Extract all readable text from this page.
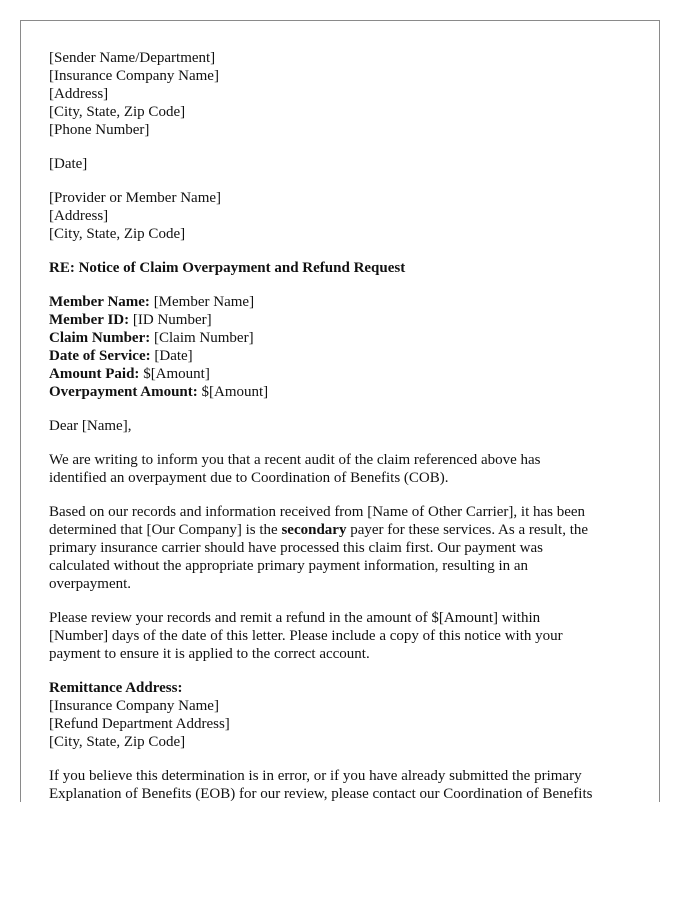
[Sender Name/Department]
[Insurance Company Name]
[Address]
[City, State, Zip Code]
[Phone Number]
[Date]
[Provider or Member Name]
[Address]
[City, State, Zip Code]
RE: Notice of Claim Overpayment and Refund Request
Member Name: [Member Name]
Member ID: [ID Number]
Claim Number: [Claim Number]
Date of Service: [Date]
Amount Paid: $[Amount]
Overpayment Amount: $[Amount]
Dear [Name],
We are writing to inform you that a recent audit of the claim referenced above has
identified an overpayment due to Coordination of Benefits (COB).
Based on our records and information received from [Name of Other Carrier], it has been
determined that [Our Company] is the secondary payer for these services. As a result, the
primary insurance carrier should have processed this claim first. Our payment was
calculated without the appropriate primary payment information, resulting in an
overpayment.
Please review your records and remit a refund in the amount of $[Amount] within
[Number] days of the date of this letter. Please include a copy of this notice with your
payment to ensure it is applied to the correct account.
Remittance Address:
[Insurance Company Name]
[Refund Department Address]
[City, State, Zip Code]
If you believe this determination is in error, or if you have already submitted the primary
Explanation of Benefits (EOB) for our review, please contact our Coordination of Benefits
